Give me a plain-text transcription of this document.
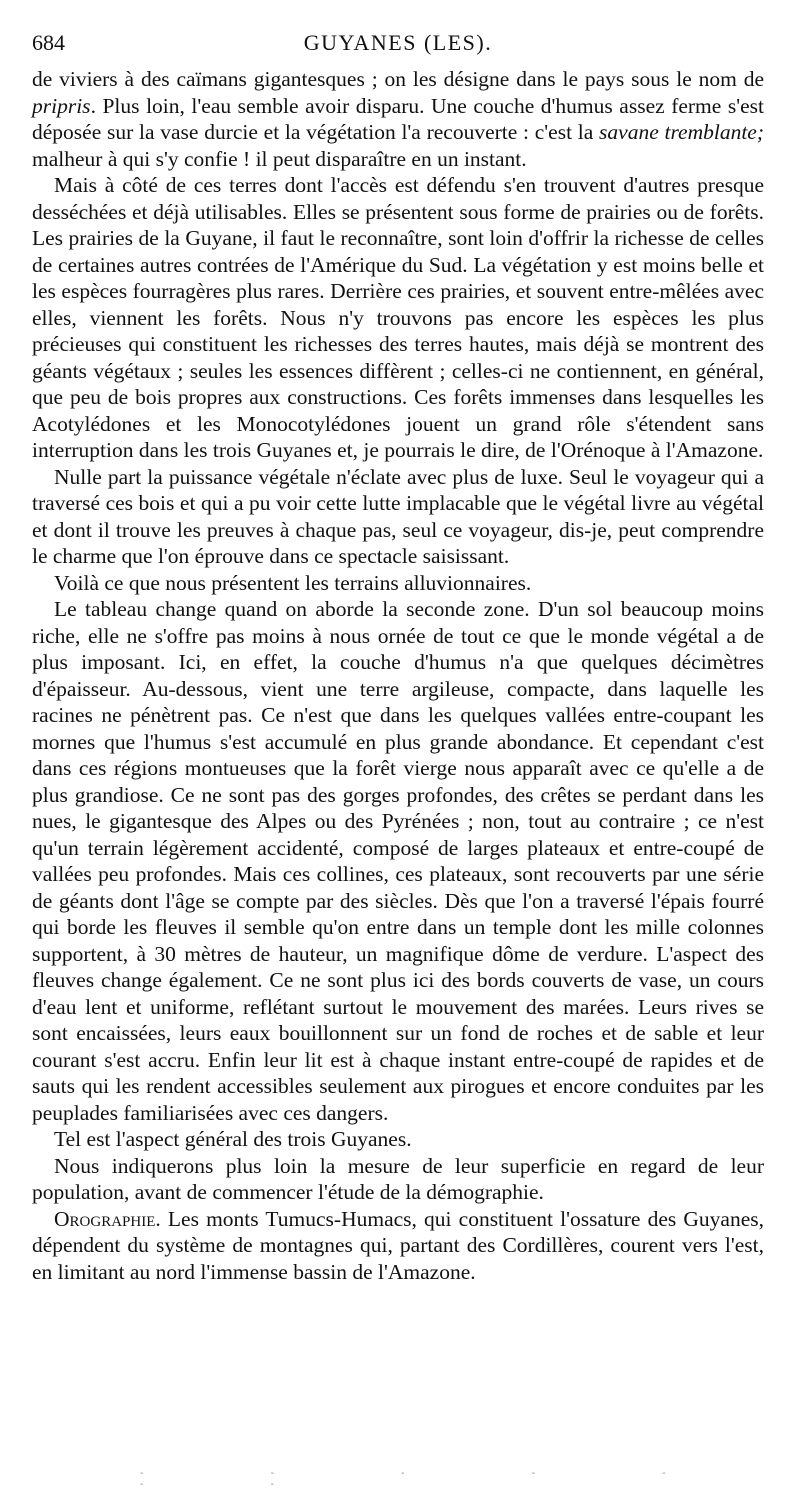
684	GUYANES (LES).

de viviers à des caïmans gigantesques ; on les désigne dans le pays sous le nom de pripris. Plus loin, l'eau semble avoir disparu. Une couche d'humus assez ferme s'est déposée sur la vase durcie et la végétation l'a recouverte : c'est la savane tremblante; malheur à qui s'y confie ! il peut disparaître en un instant.

Mais à côté de ces terres dont l'accès est défendu s'en trouvent d'autres presque desséchées et déjà utilisables. Elles se présentent sous forme de prairies ou de forêts. Les prairies de la Guyane, il faut le reconnaître, sont loin d'offrir la richesse de celles de certaines autres contrées de l'Amérique du Sud. La végétation y est moins belle et les espèces fourragères plus rares. Derrière ces prairies, et souvent entre-mêlées avec elles, viennent les forêts. Nous n'y trouvons pas encore les espèces les plus précieuses qui constituent les richesses des terres hautes, mais déjà se montrent des géants végétaux ; seules les essences diffèrent ; celles-ci ne contiennent, en général, que peu de bois propres aux constructions. Ces forêts immenses dans lesquelles les Acotylédones et les Monocotylédones jouent un grand rôle s'étendent sans interruption dans les trois Guyanes et, je pourrais le dire, de l'Orénoque à l'Amazone.

Nulle part la puissance végétale n'éclate avec plus de luxe. Seul le voyageur qui a traversé ces bois et qui a pu voir cette lutte implacable que le végétal livre au végétal et dont il trouve les preuves à chaque pas, seul ce voyageur, dis-je, peut comprendre le charme que l'on éprouve dans ce spectacle saisissant.

Voilà ce que nous présentent les terrains alluvionnaires.

Le tableau change quand on aborde la seconde zone. D'un sol beaucoup moins riche, elle ne s'offre pas moins à nous ornée de tout ce que le monde végétal a de plus imposant. Ici, en effet, la couche d'humus n'a que quelques décimètres d'épaisseur. Au-dessous, vient une terre argileuse, compacte, dans laquelle les racines ne pénètrent pas. Ce n'est que dans les quelques vallées entre-coupant les mornes que l'humus s'est accumulé en plus grande abondance. Et cependant c'est dans ces régions montueuses que la forêt vierge nous apparaît avec ce qu'elle a de plus grandiose. Ce ne sont pas des gorges profondes, des crêtes se perdant dans les nues, le gigantesque des Alpes ou des Pyrénées ; non, tout au contraire ; ce n'est qu'un terrain légèrement accidenté, composé de larges plateaux et entre-coupé de vallées peu profondes. Mais ces collines, ces plateaux, sont recouverts par une série de géants dont l'âge se compte par des siècles. Dès que l'on a traversé l'épais fourré qui borde les fleuves il semble qu'on entre dans un temple dont les mille colonnes supportent, à 30 mètres de hauteur, un magnifique dôme de verdure. L'aspect des fleuves change également. Ce ne sont plus ici des bords couverts de vase, un cours d'eau lent et uniforme, reflétant surtout le mouvement des marées. Leurs rives se sont encaissées, leurs eaux bouillonnent sur un fond de roches et de sable et leur courant s'est accru. Enfin leur lit est à chaque instant entre-coupé de rapides et de sauts qui les rendent accessibles seulement aux pirogues et encore conduites par les peuplades familiarisées avec ces dangers.

Tel est l'aspect général des trois Guyanes.

Nous indiquerons plus loin la mesure de leur superficie en regard de leur population, avant de commencer l'étude de la démographie.

Orographie. Les monts Tumucs-Humacs, qui constituent l'ossature des Guyanes, dépendent du système de montagnes qui, partant des Cordillères, courent vers l'est, en limitant au nord l'immense bassin de l'Amazone.

- - - - - - -
